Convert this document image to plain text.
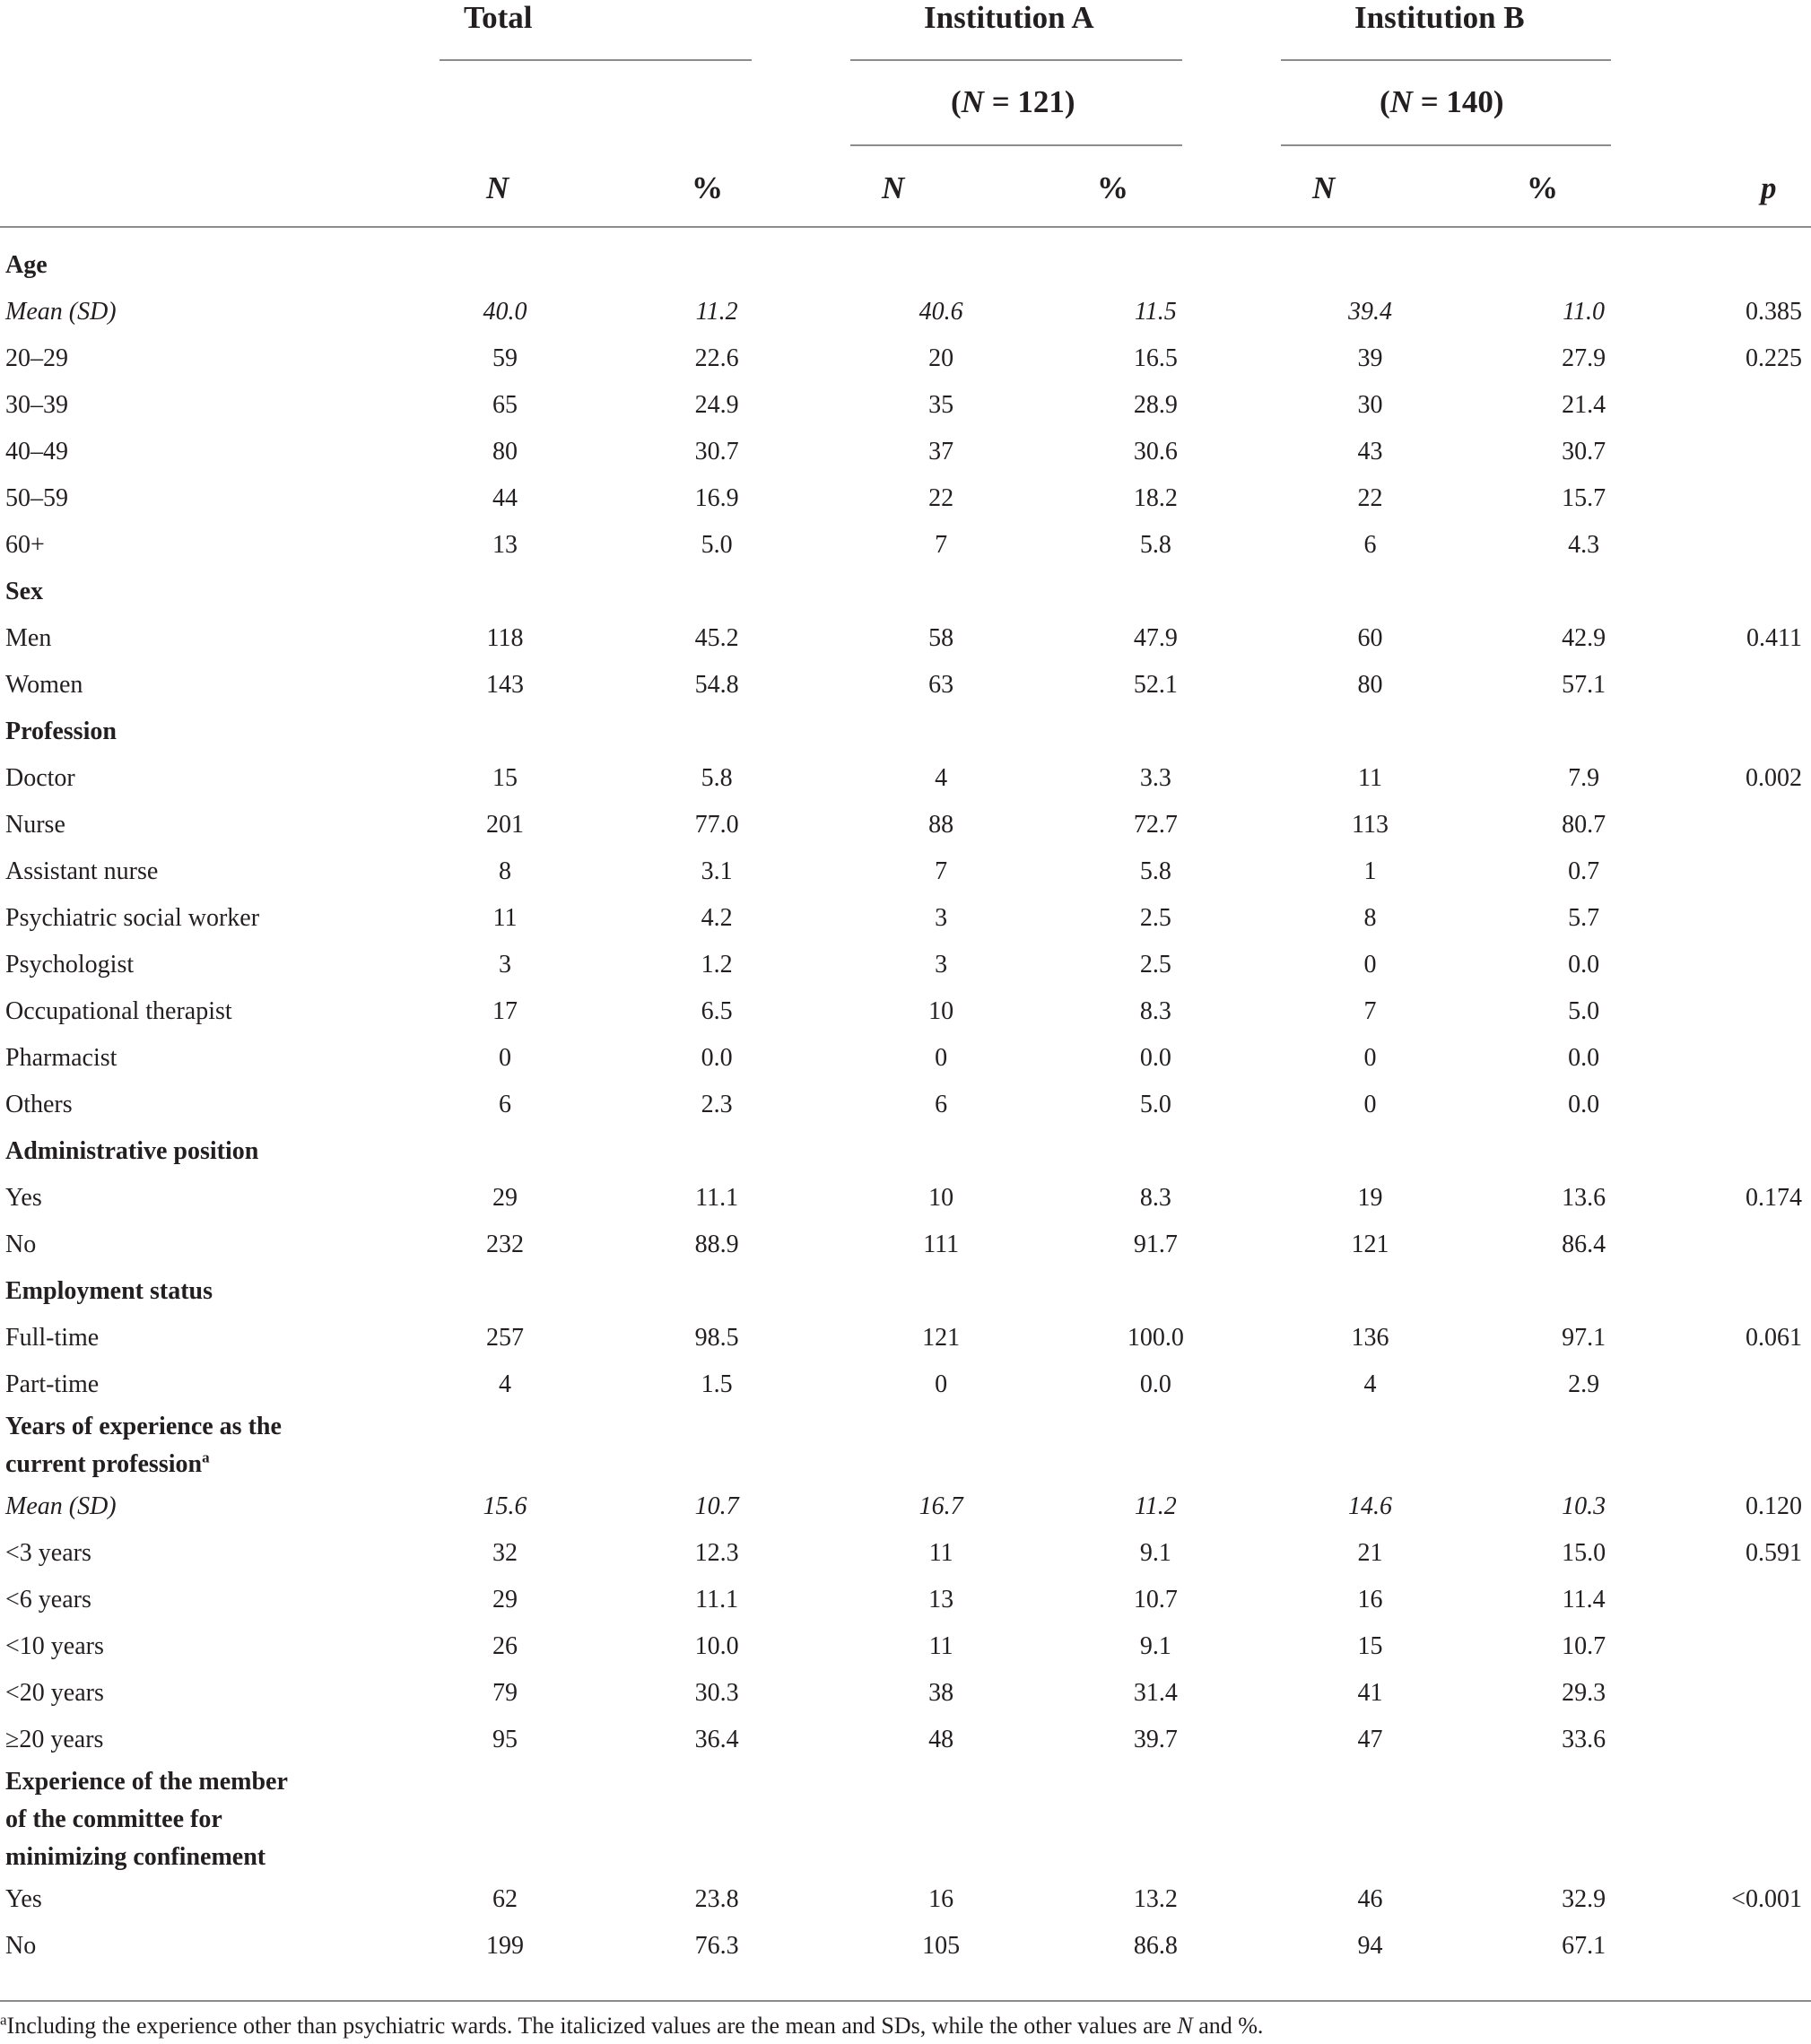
Total	Institution A	Institution B
(N = 121)	(N = 140)
N	%	N	%	N	%	p
Age							
Mean (SD)	40.0	11.2	40.6	11.5	39.4	11.0	0.385
20–29	59	22.6	20	16.5	39	27.9	0.225
30–39	65	24.9	35	28.9	30	21.4	
40–49	80	30.7	37	30.6	43	30.7	
50–59	44	16.9	22	18.2	22	15.7	
60+	13	5.0	7	5.8	6	4.3	
Sex							
Men	118	45.2	58	47.9	60	42.9	0.411
Women	143	54.8	63	52.1	80	57.1	
Profession							
Doctor	15	5.8	4	3.3	11	7.9	0.002
Nurse	201	77.0	88	72.7	113	80.7	
Assistant nurse	8	3.1	7	5.8	1	0.7	
Psychiatric social worker	11	4.2	3	2.5	8	5.7	
Psychologist	3	1.2	3	2.5	0	0.0	
Occupational therapist	17	6.5	10	8.3	7	5.0	
Pharmacist	0	0.0	0	0.0	0	0.0	
Others	6	2.3	6	5.0	0	0.0	
Administrative position							
Yes	29	11.1	10	8.3	19	13.6	0.174
No	232	88.9	111	91.7	121	86.4	
Employment status							
Full-time	257	98.5	121	100.0	136	97.1	0.061
Part-time	4	1.5	0	0.0	4	2.9	
Years of experience as the
current profession$^a$	
Mean (SD)	15.6	10.7	16.7	11.2	14.6	10.3	0.120
<3 years	32	12.3	11	9.1	21	15.0	0.591
<6 years	29	11.1	13	10.7	16	11.4	
<10 years	26	10.0	11	9.1	15	10.7	
<20 years	79	30.3	38	31.4	41	29.3	
≥20 years	95	36.4	48	39.7	47	33.6	
Experience of the member
of the committee for
minimizing confinement							
Yes	62	23.8	16	13.2	46	32.9	<0.001
No	199	76.3	105	86.8	94	67.1	
$^a$Including the experience other than psychiatric wards. The italicized values are the mean and SDs, while the other values are N and %.
